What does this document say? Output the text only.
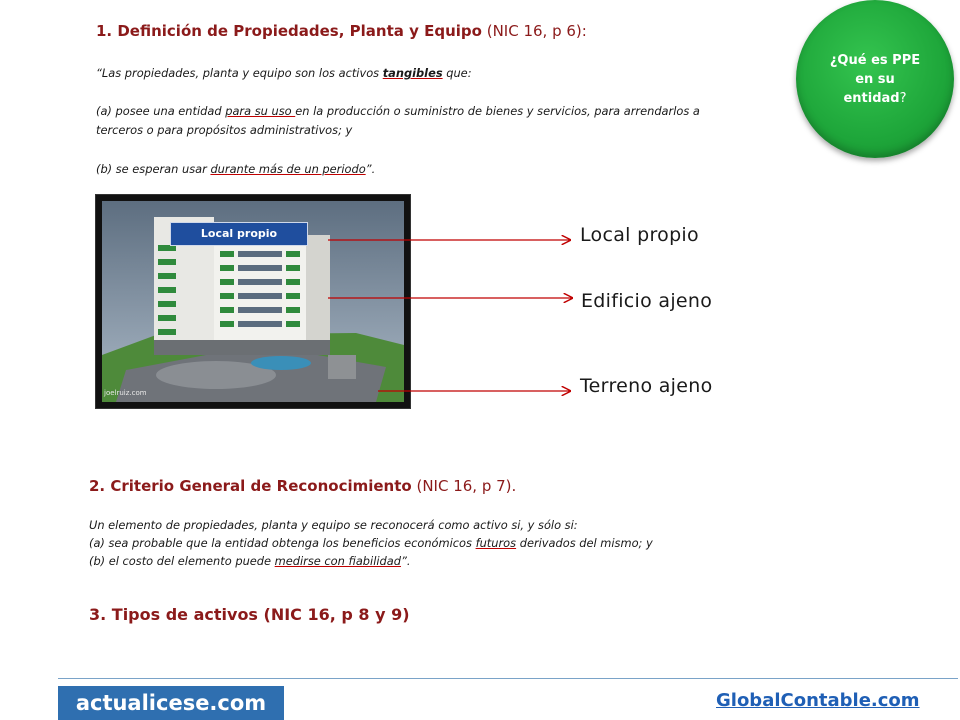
1. Definición de Propiedades, Planta y Equipo (NIC 16, p 6):
“Las propiedades, planta y equipo son los activos tangibles que:
(a) posee una entidad para su uso en la producción o suministro de bienes y servicios, para arrendarlos a
terceros o para propósitos administrativos; y
(b) se esperan usar durante más de un periodo”.
¿Qué es PPE
en su
entidad?
joelruiz.com
Local propio	Local propio
Edificio ajeno
Terreno ajeno
2. Criterio General de Reconocimiento (NIC 16, p 7).
Un elemento de propiedades, planta y equipo se reconocerá como activo si, y sólo si:
(a) sea probable que la entidad obtenga los beneficios económicos futuros derivados del mismo; y
(b) el costo del elemento puede medirse con fiabilidad”.
3. Tipos de activos (NIC 16, p 8 y 9)
actualicese.com	GlobalContable.com
